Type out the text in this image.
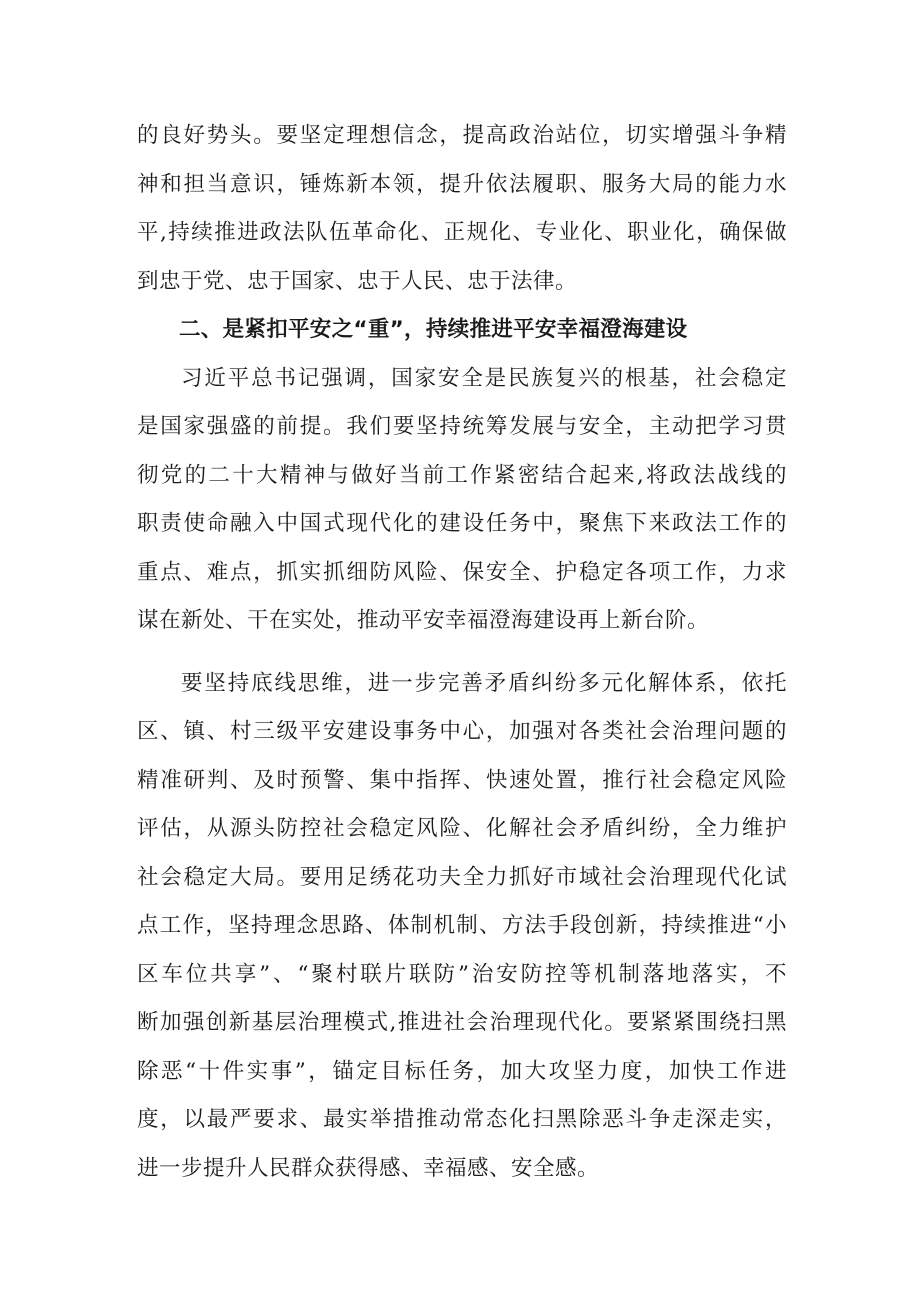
的良好势头。要坚定理想信念，提高政治站位，切实增强斗争精
神和担当意识，锤炼新本领，提升依法履职、服务大局的能力水
平,持续推进政法队伍革命化、正规化、专业化、职业化，确保做
到忠于党、忠于国家、忠于人民、忠于法律。
二、是紧扣平安之“重”，持续推进平安幸福澄海建设
习近平总书记强调，国家安全是民族复兴的根基，社会稳定
是国家强盛的前提。我们要坚持统筹发展与安全，主动把学习贯
彻党的二十大精神与做好当前工作紧密结合起来,将政法战线的
职责使命融入中国式现代化的建设任务中，聚焦下来政法工作的
重点、难点，抓实抓细防风险、保安全、护稳定各项工作，力求
谋在新处、干在实处，推动平安幸福澄海建设再上新台阶。
要坚持底线思维，进一步完善矛盾纠纷多元化解体系，依托
区、镇、村三级平安建设事务中心，加强对各类社会治理问题的
精准研判、及时预警、集中指挥、快速处置，推行社会稳定风险
评估，从源头防控社会稳定风险、化解社会矛盾纠纷，全力维护
社会稳定大局。要用足绣花功夫全力抓好市域社会治理现代化试
点工作，坚持理念思路、体制机制、方法手段创新，持续推进“小
区车位共享”、“聚村联片联防”治安防控等机制落地落实，不
断加强创新基层治理模式,推进社会治理现代化。要紧紧围绕扫黑
除恶“十件实事”，锚定目标任务，加大攻坚力度，加快工作进
度，以最严要求、最实举措推动常态化扫黑除恶斗争走深走实，
进一步提升人民群众获得感、幸福感、安全感。
